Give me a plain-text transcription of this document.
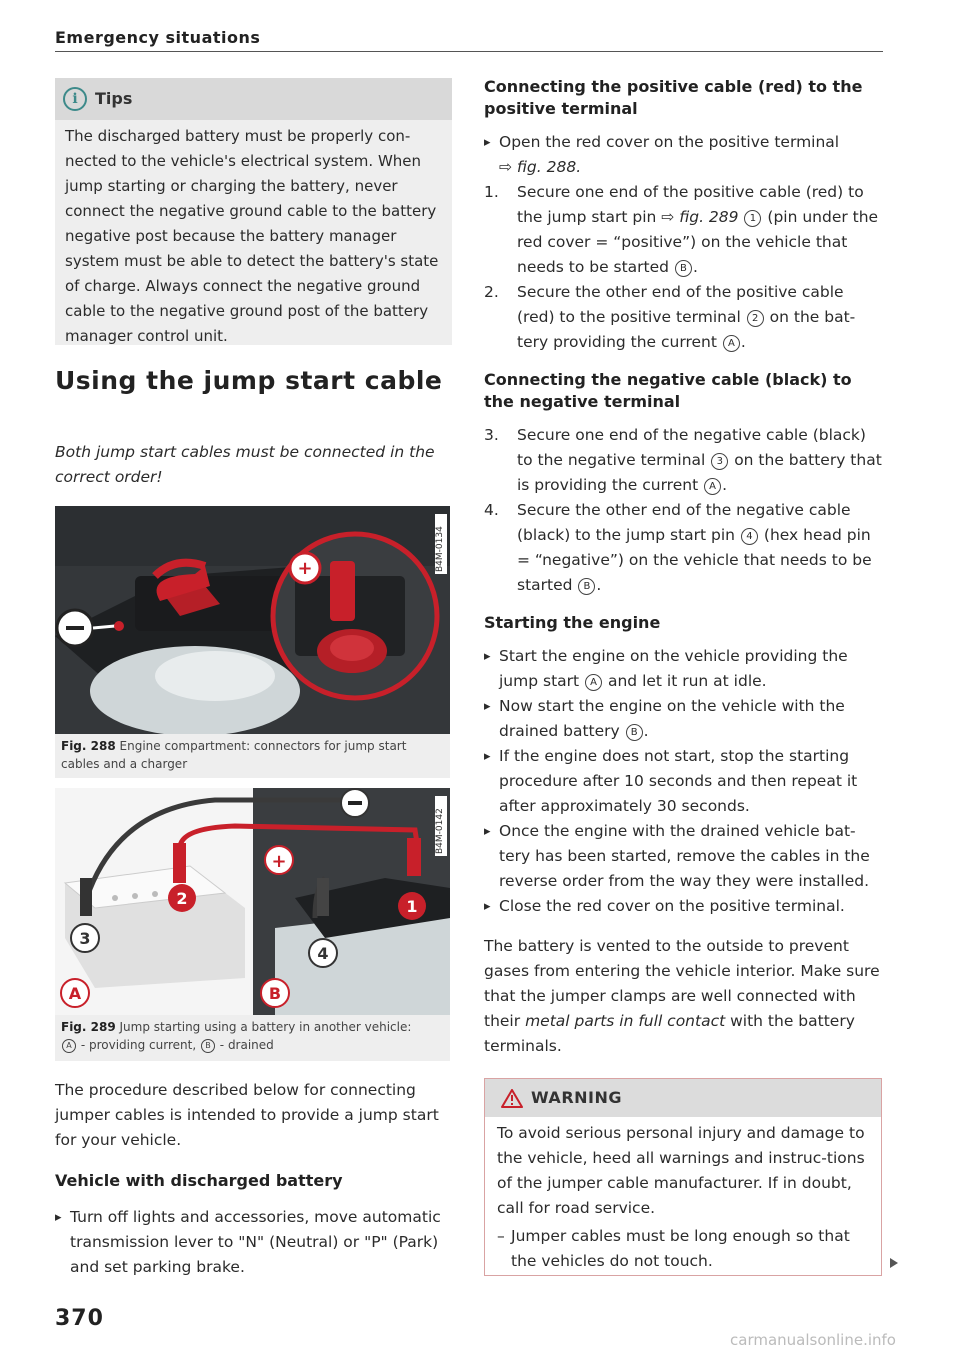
Emergency situations
i	Tips
The discharged battery must be properly con-nected to the vehicle's electrical system. When jump starting or charging the battery, never connect the negative ground cable to the battery negative post because the battery manager system must be able to detect the battery's state of charge. Always connect the negative ground cable to the negative ground post of the battery manager control unit.
Using the jump start cable
Both jump start cables must be connected in the correct order!
+	B4M-0134
Fig. 288 Engine compartment: connectors for jump start cables and a charger
+
1
2
3
4
A	B
B4M-0142
Fig. 289 Jump starting using a battery in another vehicle:
A - providing current, B - drained
The procedure described below for connecting jumper cables is intended to provide a jump start for your vehicle.
Vehicle with discharged battery
▸ Turn off lights and accessories, move automatic transmission lever to "N" (Neutral) or "P" (Park) and set parking brake.
370
Connecting the positive cable (red) to the positive terminal
▸ Open the red cover on the positive terminal
⇨ fig. 288.
1. Secure one end of the positive cable (red) to the jump start pin ⇨ fig. 289 1 (pin under the red cover = “positive”) on the vehicle that needs to be started B .
2. Secure the other end of the positive cable (red) to the positive terminal 2 on the bat-tery providing the current A .
Connecting the negative cable (black) to the negative terminal
3. Secure one end of the negative cable (black) to the negative terminal 3 on the battery that is providing the current A .
4. Secure the other end of the negative cable (black) to the jump start pin 4 (hex head pin = “negative”) on the vehicle that needs to be started B .
Starting the engine
▸ Start the engine on the vehicle providing the jump start A and let it run at idle.
▸ Now start the engine on the vehicle with the drained battery B .
▸ If the engine does not start, stop the starting procedure after 10 seconds and then repeat it after approximately 30 seconds.
▸ Once the engine with the drained vehicle bat-tery has been started, remove the cables in the reverse order from the way they were installed.
▸ Close the red cover on the positive terminal.
The battery is vented to the outside to prevent gases from entering the vehicle interior. Make sure that the jumper clamps are well connected with their metal parts in full contact with the battery terminals.
WARNING
To avoid serious personal injury and damage to the vehicle, heed all warnings and instruc-tions of the jumper cable manufacturer. If in doubt, call for road service.
– Jumper cables must be long enough so that the vehicles do not touch.
carmanualsonline.info
